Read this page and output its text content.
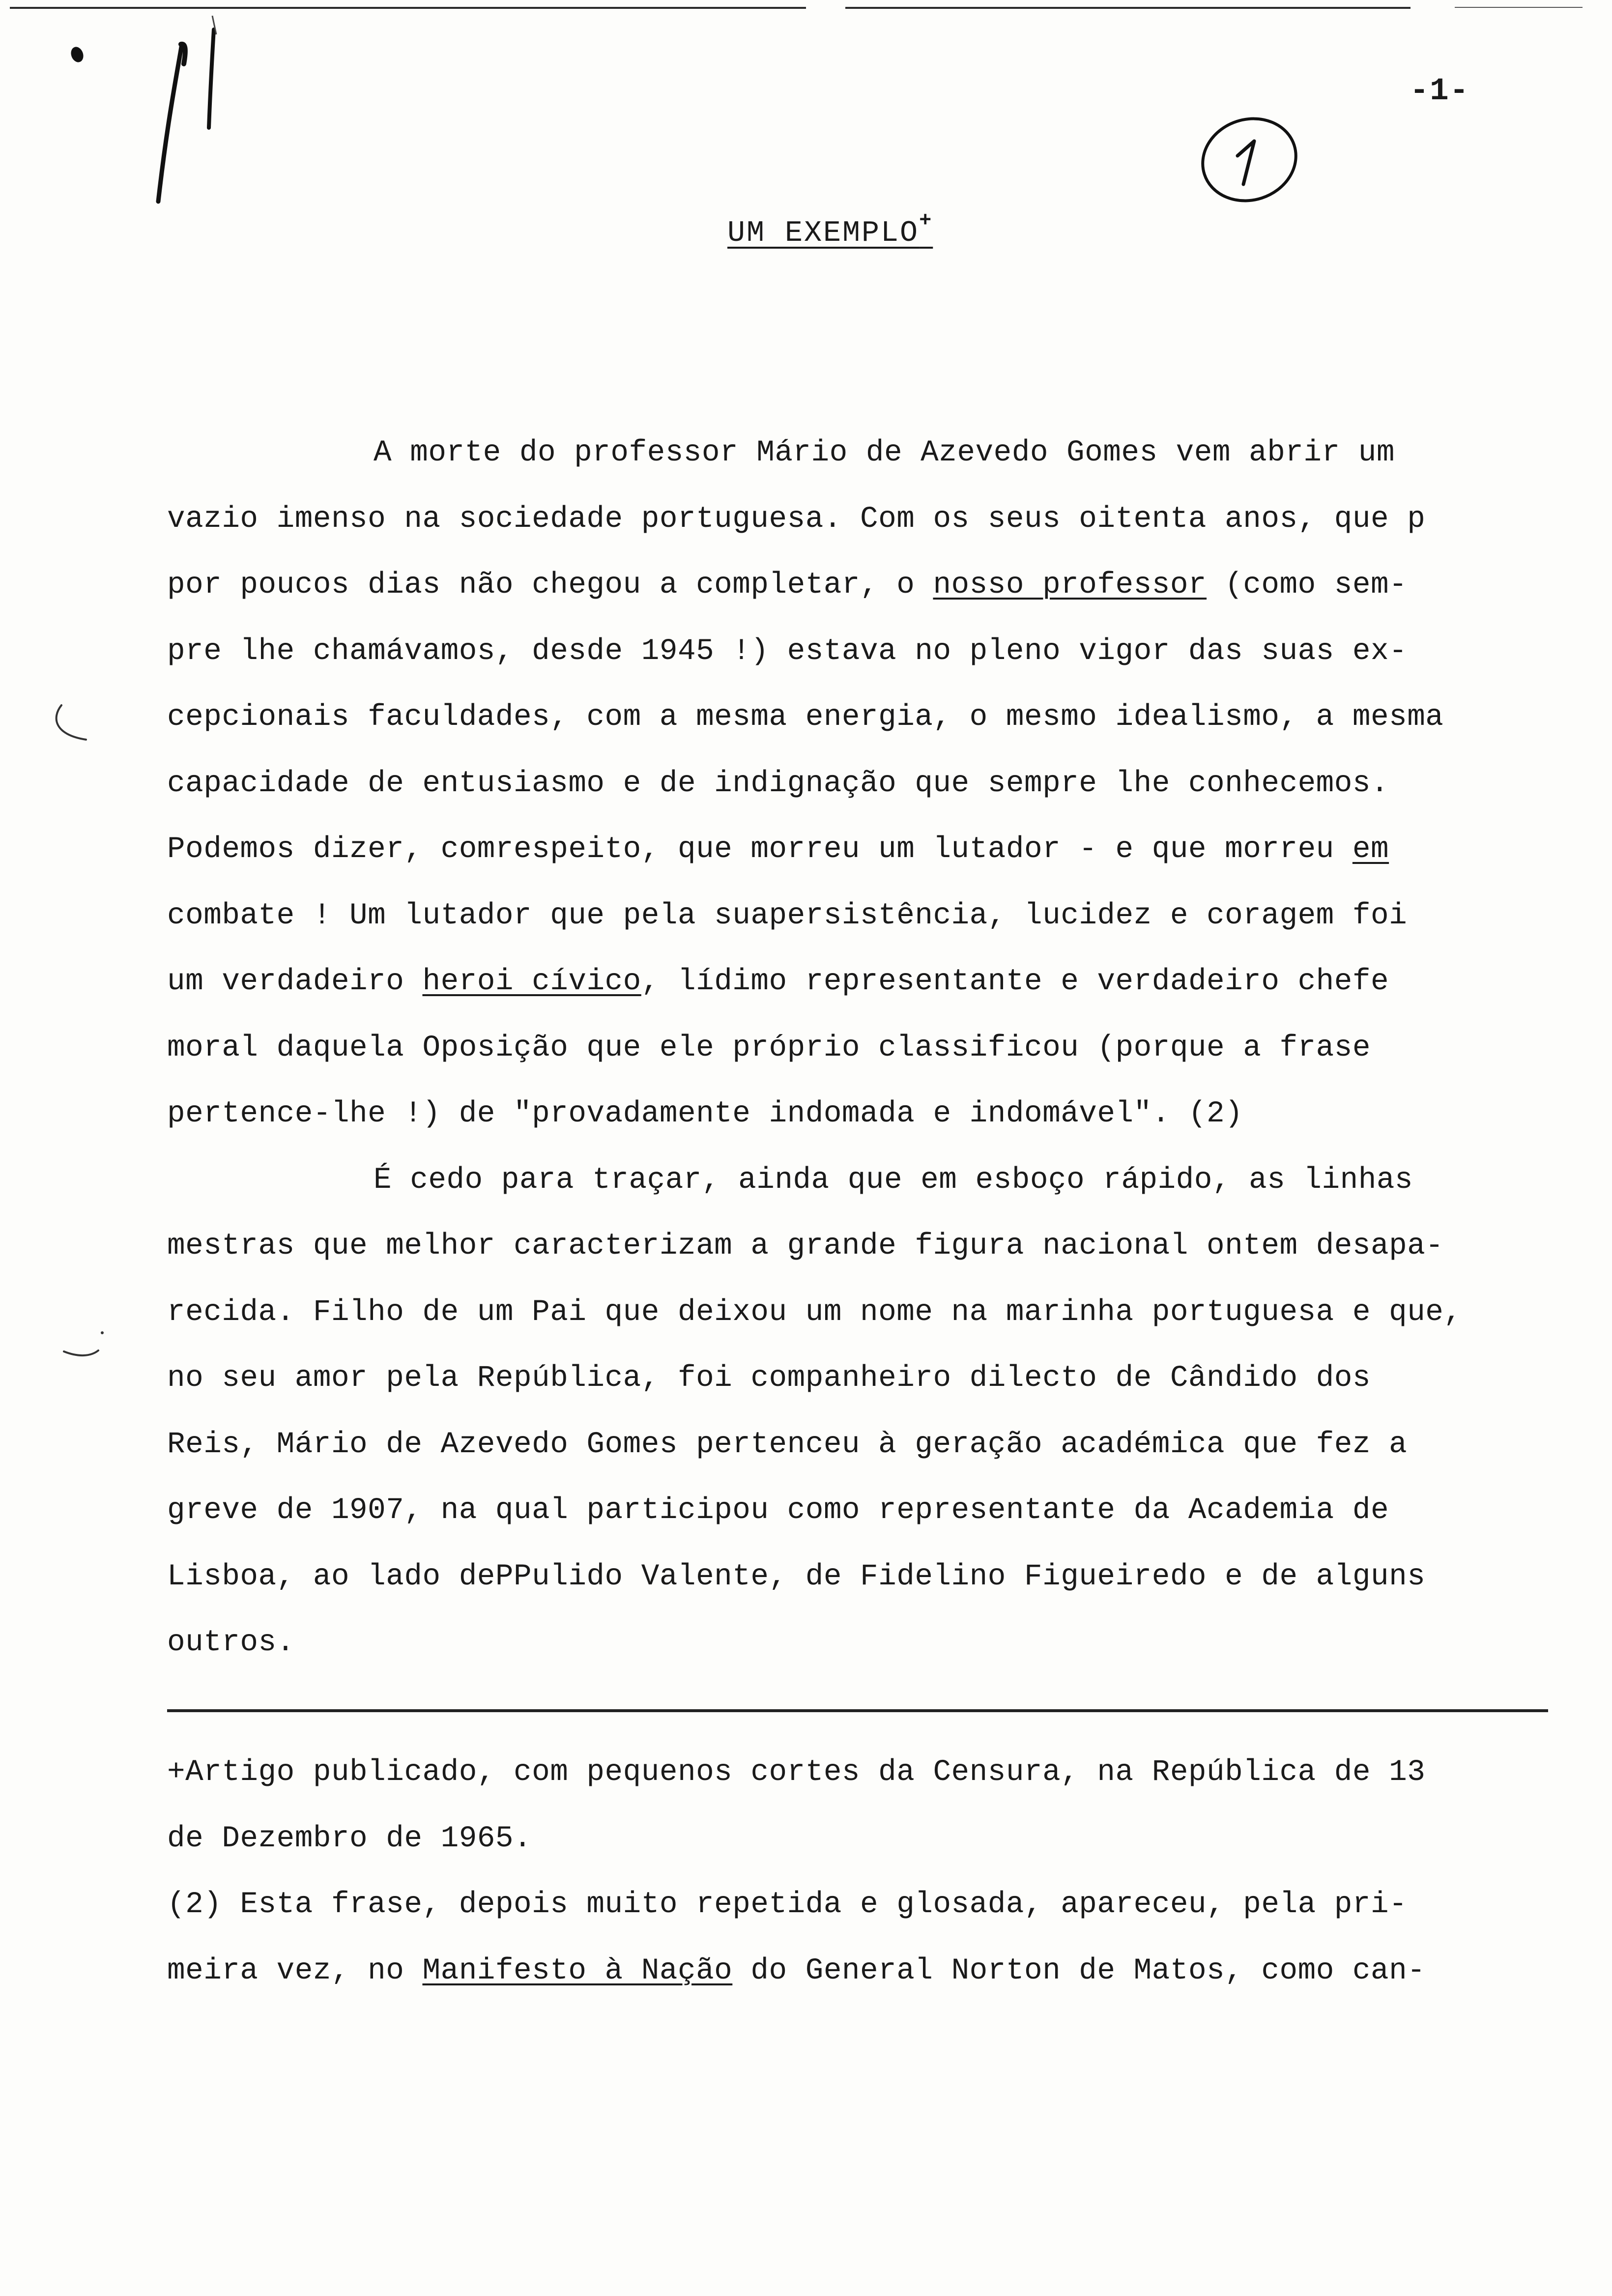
-1-
1
UM EXEMPLO+
A morte do professor Mário de Azevedo Gomes vem abrir um
vazio imenso na sociedade portuguesa. Com os seus oitenta anos, que p
por poucos dias não chegou a completar, o nosso professor (como sem-
pre lhe chamávamos, desde 1945 !) estava no pleno vigor das suas ex-
cepcionais faculdades, com a mesma energia, o mesmo idealismo, a mesma
capacidade de entusiasmo e de indignação que sempre lhe conhecemos.
Podemos dizer, comrespeito, que morreu um lutador - e que morreu em
combate ! Um lutador que pela suapersistência, lucidez e coragem foi
um verdadeiro heroi cívico, lídimo representante e verdadeiro chefe
moral daquela Oposição que ele próprio classificou (porque a frase
pertence-lhe !) de "provadamente indomada e indomável". (2)
É cedo para traçar, ainda que em esboço rápido, as linhas
mestras que melhor caracterizam a grande figura nacional ontem desapa-
recida. Filho de um Pai que deixou um nome na marinha portuguesa e que,
no seu amor pela República, foi companheiro dilecto de Cândido dos
Reis, Mário de Azevedo Gomes pertenceu à geração académica que fez a
greve de 1907, na qual participou como representante da Academia de
Lisboa, ao lado dePPulido Valente, de Fidelino Figueiredo e de alguns
outros.
+Artigo publicado, com pequenos cortes da Censura, na República de 13
de Dezembro de 1965.
(2) Esta frase, depois muito repetida e glosada, apareceu, pela pri-
meira vez, no Manifesto à Nação do General Norton de Matos, como can-
